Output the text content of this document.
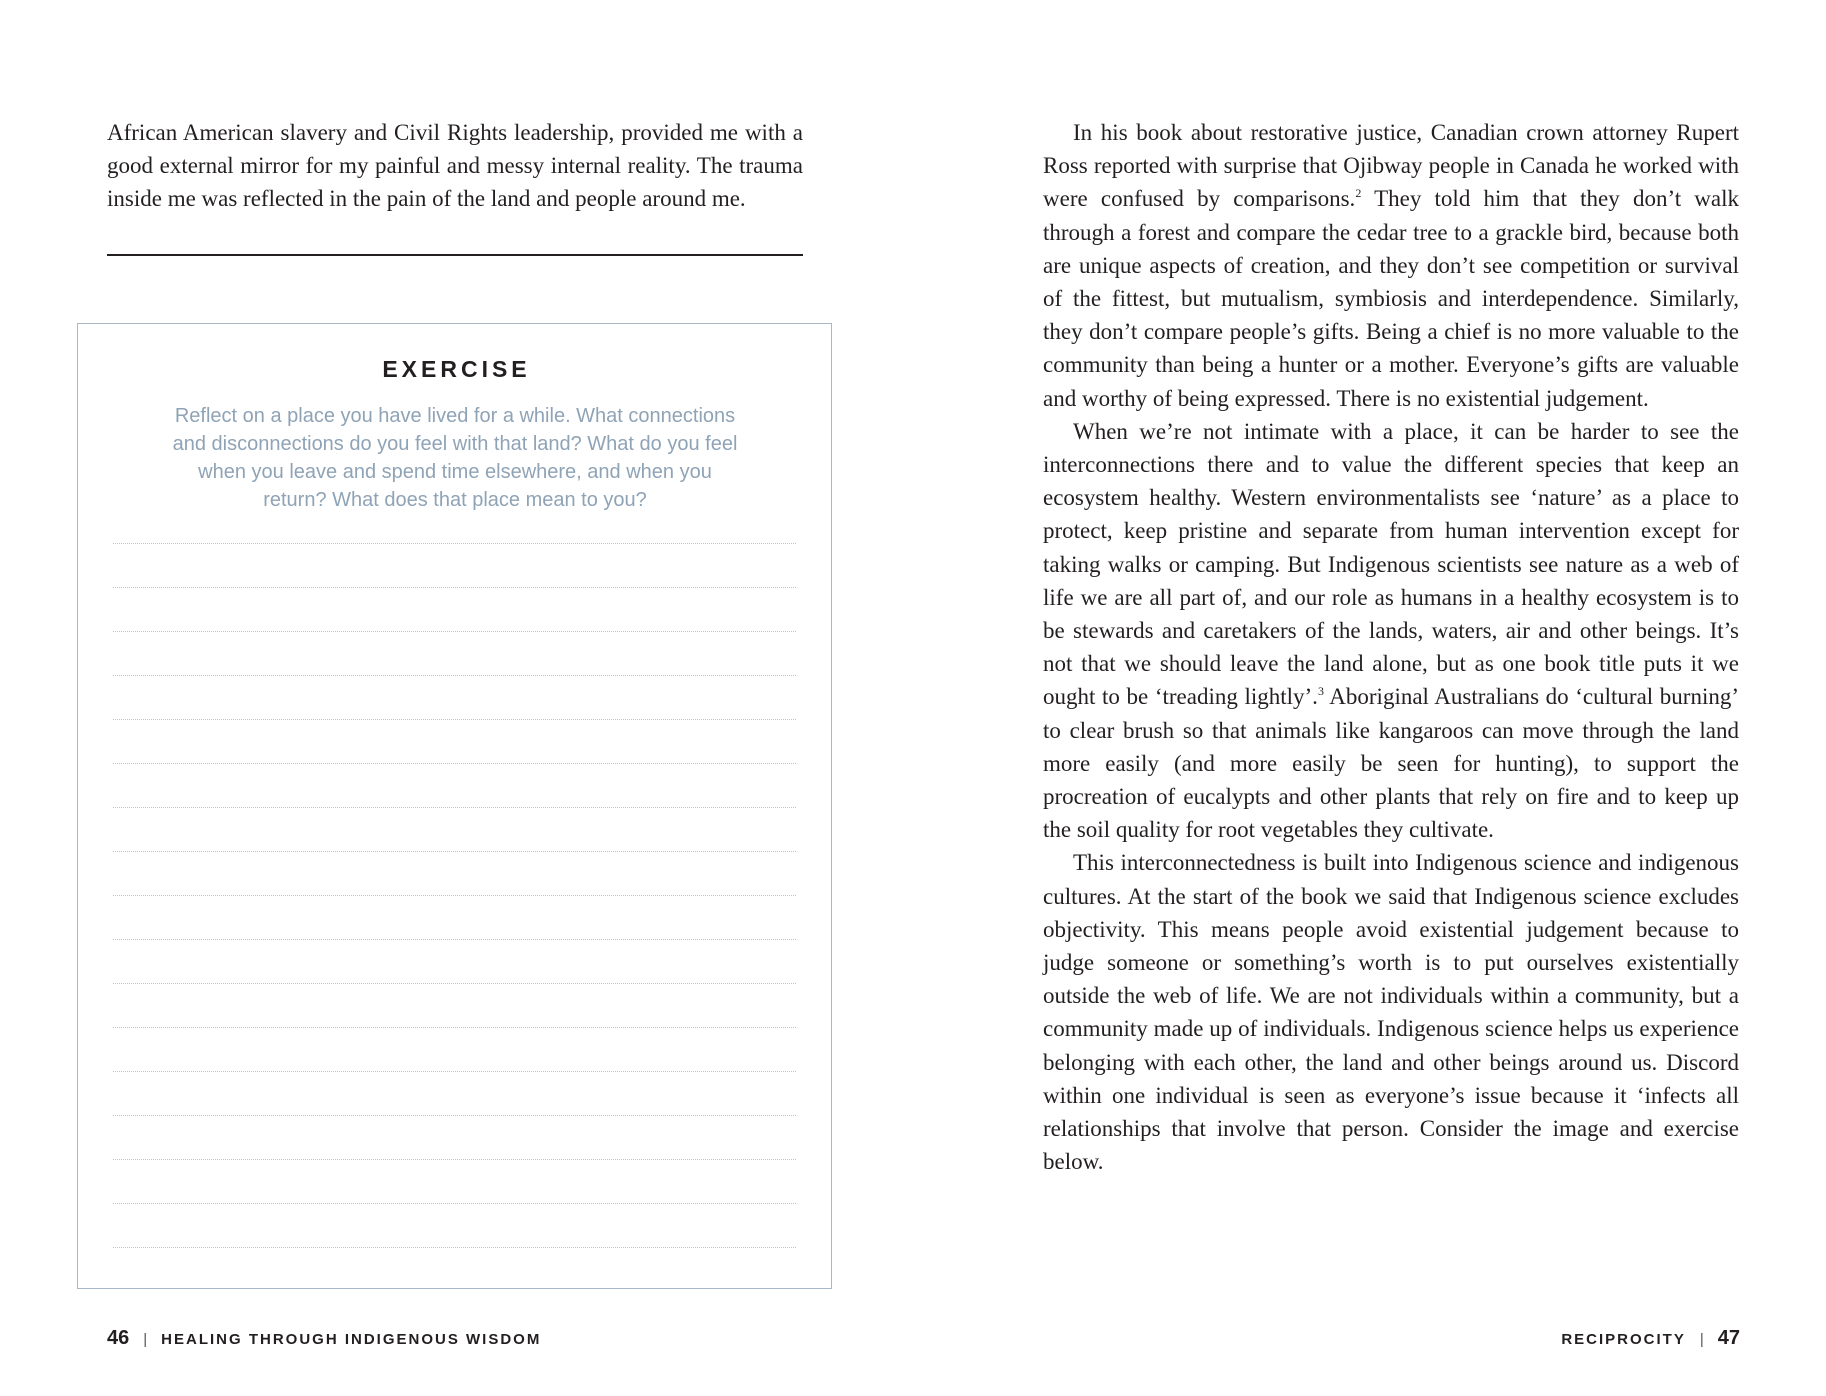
African American slavery and Civil Rights leadership, provided me with a good external mirror for my painful and messy internal reality. The trauma inside me was reflected in the pain of the land and people around me.

EXERCISE

Reflect on a place you have lived for a while. What connections and disconnections do you feel with that land? What do you feel when you leave and spend time elsewhere, and when you return? What does that place mean to you?

46 | HEALING THROUGH INDIGENOUS WISDOM

In his book about restorative justice, Canadian crown attorney Rupert Ross reported with surprise that Ojibway people in Canada he worked with were confused by comparisons.$^2$ They told him that they don’t walk through a forest and compare the cedar tree to a grackle bird, because both are unique aspects of creation, and they don’t see competition or survival of the fittest, but mutualism, symbiosis and interdependence. Similarly, they don’t compare people’s gifts. Being a chief is no more valuable to the community than being a hunter or a mother. Everyone’s gifts are valuable and worthy of being expressed. There is no existential judgement.

When we’re not intimate with a place, it can be harder to see the interconnections there and to value the different species that keep an ecosystem healthy. Western environmentalists see ‘nature’ as a place to protect, keep pristine and separate from human intervention except for taking walks or camping. But Indigenous scientists see nature as a web of life we are all part of, and our role as humans in a healthy ecosystem is to be stewards and caretakers of the lands, waters, air and other beings. It’s not that we should leave the land alone, but as one book title puts it we ought to be ‘treading lightly’.$^3$ Aboriginal Australians do ‘cultural burning’ to clear brush so that animals like kangaroos can move through the land more easily (and more easily be seen for hunting), to support the procreation of eucalypts and other plants that rely on fire and to keep up the soil quality for root vegetables they cultivate.

This interconnectedness is built into Indigenous science and indigenous cultures. At the start of the book we said that Indigenous science excludes objectivity. This means people avoid existential judgement because to judge someone or something’s worth is to put ourselves existentially outside the web of life. We are not individuals within a community, but a community made up of individuals. Indigenous science helps us experience belonging with each other, the land and other beings around us. Discord within one individual is seen as everyone’s issue because it ‘infects all relationships that involve that person. Consider the image and exercise below.

RECIPROCITY | 47
